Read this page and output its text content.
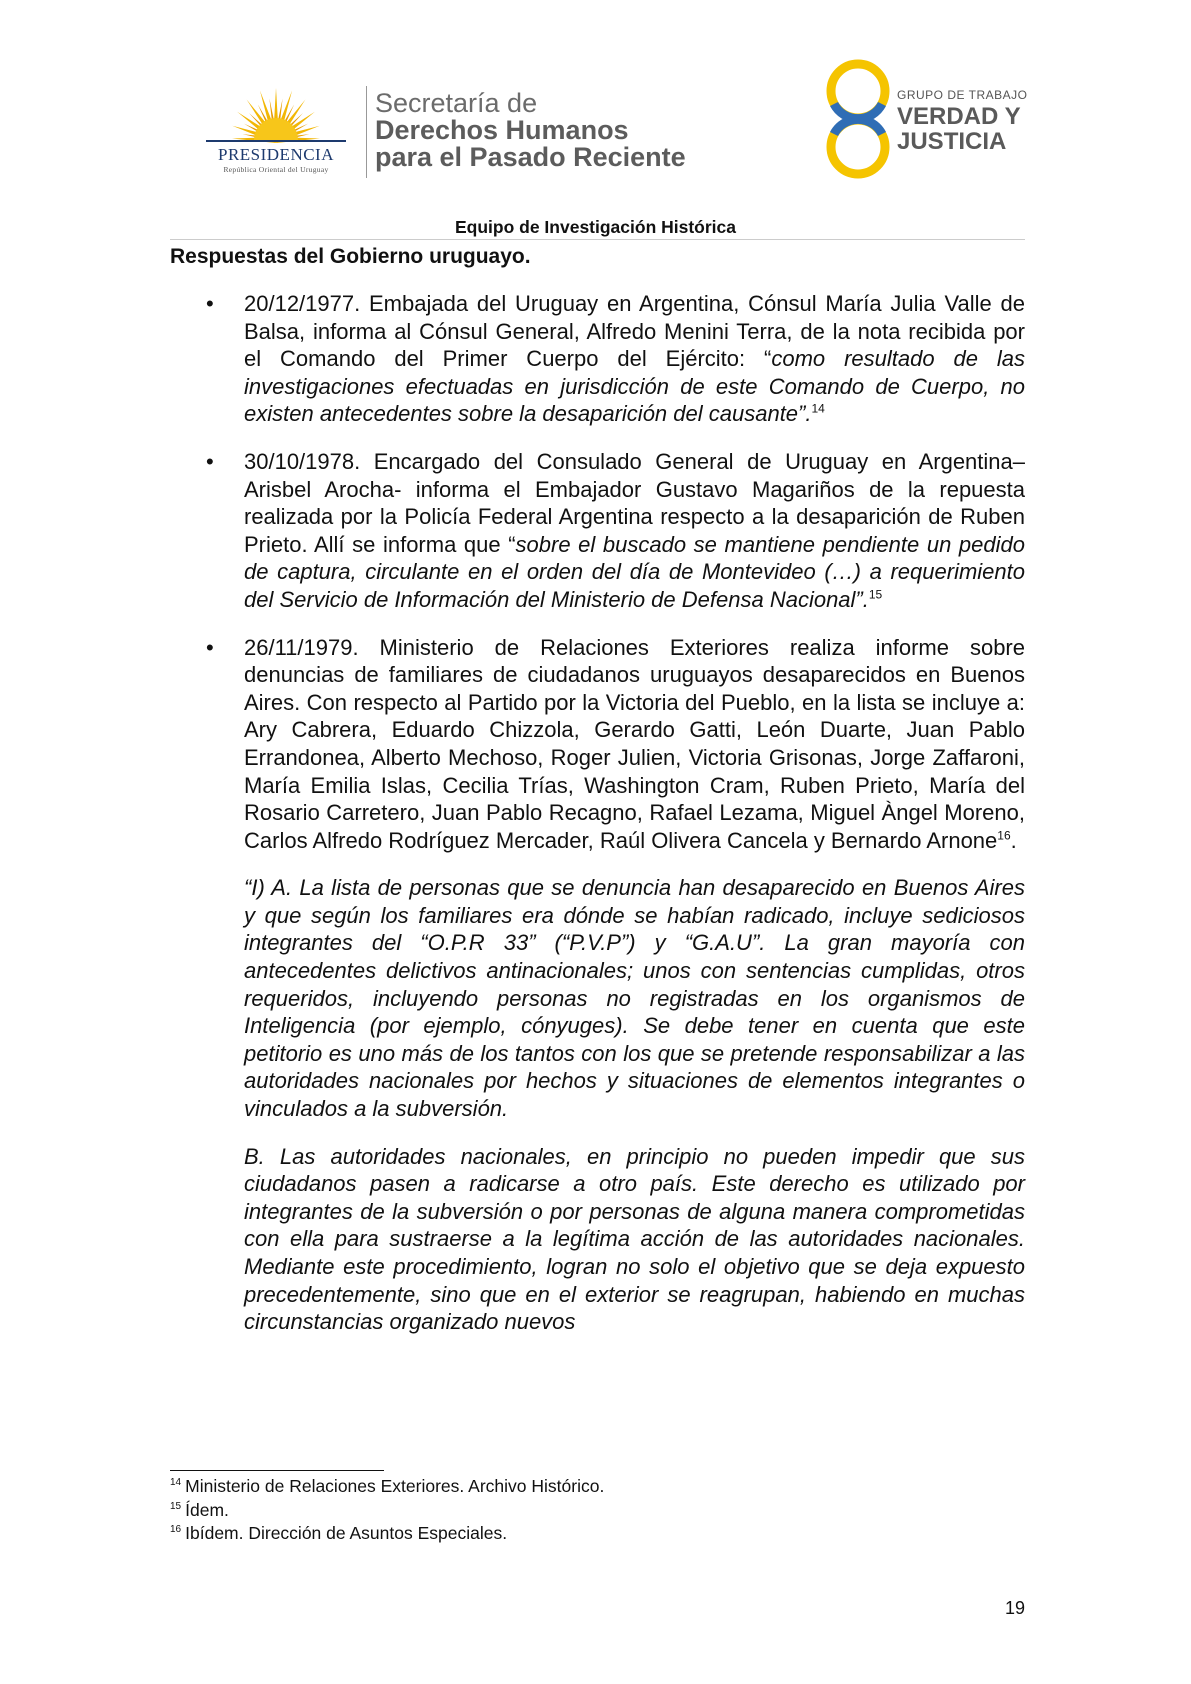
PRESIDENCIA
República Oriental del Uruguay
Secretaría de
Derechos Humanos
para el Pasado Reciente
GRUPO DE TRABAJO
VERDAD Y
JUSTICIA
Equipo de Investigación Histórica
Respuestas del Gobierno uruguayo.
• 20/12/1977. Embajada del Uruguay en Argentina, Cónsul María Julia Valle de Balsa, informa al Cónsul General, Alfredo Menini Terra, de la nota recibida por el Comando del Primer Cuerpo del Ejército: “como resultado de las investigaciones efectuadas en jurisdicción de este Comando de Cuerpo, no existen antecedentes sobre la desaparición del causante”.$^{14}$
• 30/10/1978. Encargado del Consulado General de Uruguay en Argentina– Arisbel Arocha- informa el Embajador Gustavo Magariños de la repuesta realizada por la Policía Federal Argentina respecto a la desaparición de Ruben Prieto. Allí se informa que “sobre el buscado se mantiene pendiente un pedido de captura, circulante en el orden del día de Montevideo (…) a requerimiento del Servicio de Información del Ministerio de Defensa Nacional”.$^{15}$
• 26/11/1979. Ministerio de Relaciones Exteriores realiza informe sobre denuncias de familiares de ciudadanos uruguayos desaparecidos en Buenos Aires. Con respecto al Partido por la Victoria del Pueblo, en la lista se incluye a: Ary Cabrera, Eduardo Chizzola, Gerardo Gatti, León Duarte, Juan Pablo Errandonea, Alberto Mechoso, Roger Julien, Victoria Grisonas, Jorge Zaffaroni, María Emilia Islas, Cecilia Trías, Washington Cram, Ruben Prieto, María del Rosario Carretero, Juan Pablo Recagno, Rafael Lezama, Miguel Àngel Moreno, Carlos Alfredo Rodríguez Mercader, Raúl Olivera Cancela y Bernardo Arnone$^{16}$.
“I) A. La lista de personas que se denuncia han desaparecido en Buenos Aires y que según los familiares era dónde se habían radicado, incluye sediciosos integrantes del “O.P.R 33” (“P.V.P”) y “G.A.U”. La gran mayoría con antecedentes delictivos antinacionales; unos con sentencias cumplidas, otros requeridos, incluyendo personas no registradas en los organismos de Inteligencia (por ejemplo, cónyuges). Se debe tener en cuenta que este petitorio es uno más de los tantos con los que se pretende responsabilizar a las autoridades nacionales por hechos y situaciones de elementos integrantes o vinculados a la subversión.
B. Las autoridades nacionales, en principio no pueden impedir que sus ciudadanos pasen a radicarse a otro país. Este derecho es utilizado por integrantes de la subversión o por personas de alguna manera comprometidas con ella para sustraerse a la legítima acción de las autoridades nacionales. Mediante este procedimiento, logran no solo el objetivo que se deja expuesto precedentemente, sino que en el exterior se reagrupan, habiendo en muchas circunstancias organizado nuevos
$^{14}$ Ministerio de Relaciones Exteriores. Archivo Histórico.
$^{15}$ Ídem.
$^{16}$ Ibídem. Dirección de Asuntos Especiales.
19
